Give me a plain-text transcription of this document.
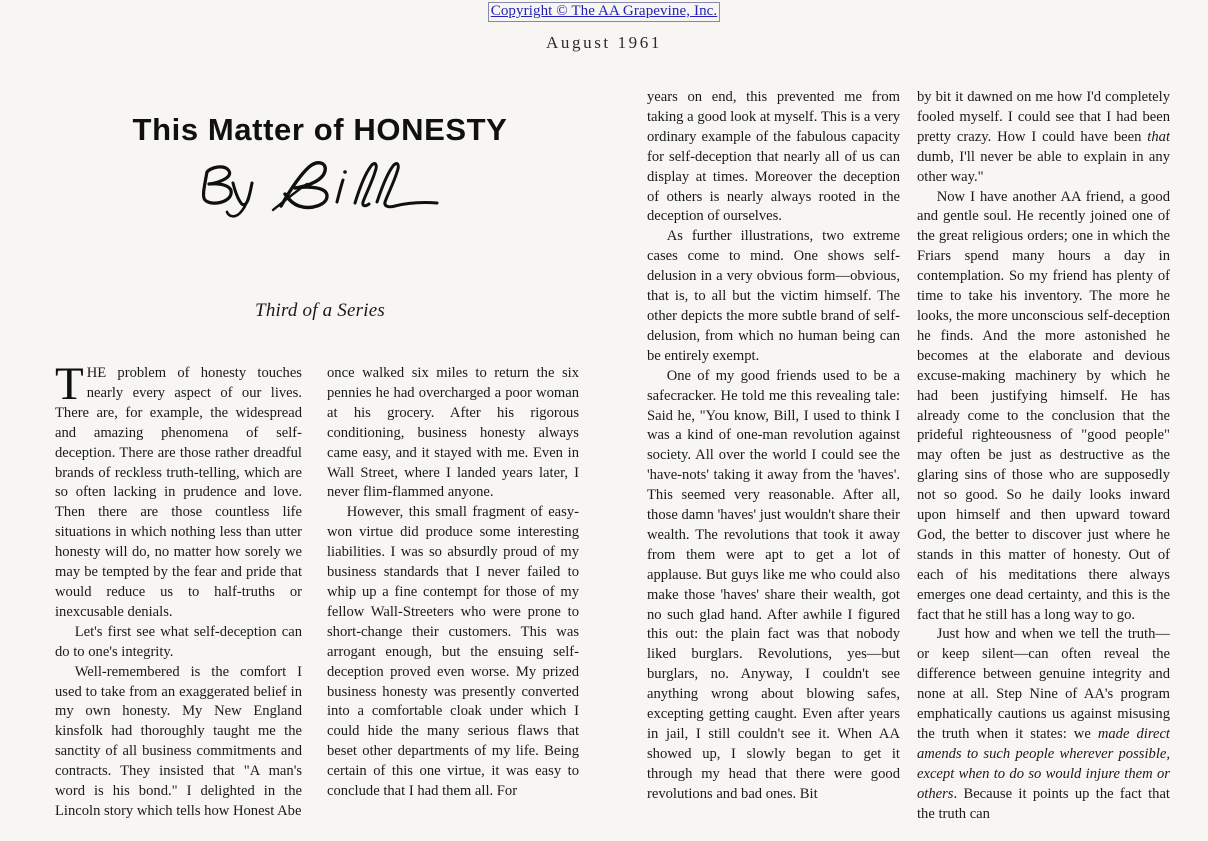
Copyright © The AA Grapevine, Inc.
August 1961
This Matter of HONESTY
Third of a Series

THE problem of honesty touches nearly every aspect of our lives. There are, for example, the widespread and amazing phenomena of self-deception. There are those rather dreadful brands of reckless truth-telling, which are so often lacking in prudence and love. Then there are those countless life situations in which nothing less than utter honesty will do, no matter how sorely we may be tempted by the fear and pride that would reduce us to half-truths or inexcusable denials.

Let's first see what self-deception can do to one's integrity.

Well-remembered is the comfort I used to take from an exaggerated belief in my own honesty. My New England kinsfolk had thoroughly taught me the sanctity of all business commitments and contracts. They insisted that "A man's word is his bond." I delighted in the Lincoln story which tells how Honest Abe

once walked six miles to return the six pennies he had overcharged a poor woman at his grocery. After his rigorous conditioning, business honesty always came easy, and it stayed with me. Even in Wall Street, where I landed years later, I never flim-flammed anyone.

However, this small fragment of easy-won virtue did produce some interesting liabilities. I was so absurdly proud of my business standards that I never failed to whip up a fine contempt for those of my fellow Wall-Streeters who were prone to short-change their customers. This was arrogant enough, but the ensuing self-deception proved even worse. My prized business honesty was presently converted into a comfortable cloak under which I could hide the many serious flaws that beset other departments of my life. Being certain of this one virtue, it was easy to conclude that I had them all. For

years on end, this prevented me from taking a good look at myself. This is a very ordinary example of the fabulous capacity for self-deception that nearly all of us can display at times. Moreover the deception of others is nearly always rooted in the deception of ourselves.

As further illustrations, two extreme cases come to mind. One shows self-delusion in a very obvious form—obvious, that is, to all but the victim himself. The other depicts the more subtle brand of self-delusion, from which no human being can be entirely exempt.

One of my good friends used to be a safecracker. He told me this revealing tale: Said he, "You know, Bill, I used to think I was a kind of one-man revolution against society. All over the world I could see the 'have-nots' taking it away from the 'haves'. This seemed very reasonable. After all, those damn 'haves' just wouldn't share their wealth. The revolutions that took it away from them were apt to get a lot of applause. But guys like me who could also make those 'haves' share their wealth, got no such glad hand. After awhile I figured this out: the plain fact was that nobody liked burglars. Revolutions, yes—but burglars, no. Anyway, I couldn't see anything wrong about blowing safes, excepting getting caught. Even after years in jail, I still couldn't see it. When AA showed up, I slowly began to get it through my head that there were good revolutions and bad ones. Bit

by bit it dawned on me how I'd completely fooled myself. I could see that I had been pretty crazy. How I could have been that dumb, I'll never be able to explain in any other way."

Now I have another AA friend, a good and gentle soul. He recently joined one of the great religious orders; one in which the Friars spend many hours a day in contemplation. So my friend has plenty of time to take his inventory. The more he looks, the more unconscious self-deception he finds. And the more astonished he becomes at the elaborate and devious excuse-making machinery by which he had been justifying himself. He has already come to the conclusion that the prideful righteousness of "good people" may often be just as destructive as the glaring sins of those who are supposedly not so good. So he daily looks inward upon himself and then upward toward God, the better to discover just where he stands in this matter of honesty. Out of each of his meditations there always emerges one dead certainty, and this is the fact that he still has a long way to go.

Just how and when we tell the truth—or keep silent—can often reveal the difference between genuine integrity and none at all. Step Nine of AA's program emphatically cautions us against misusing the truth when it states: we made direct amends to such people wherever possible, except when to do so would injure them or others. Because it points up the fact that the truth can
